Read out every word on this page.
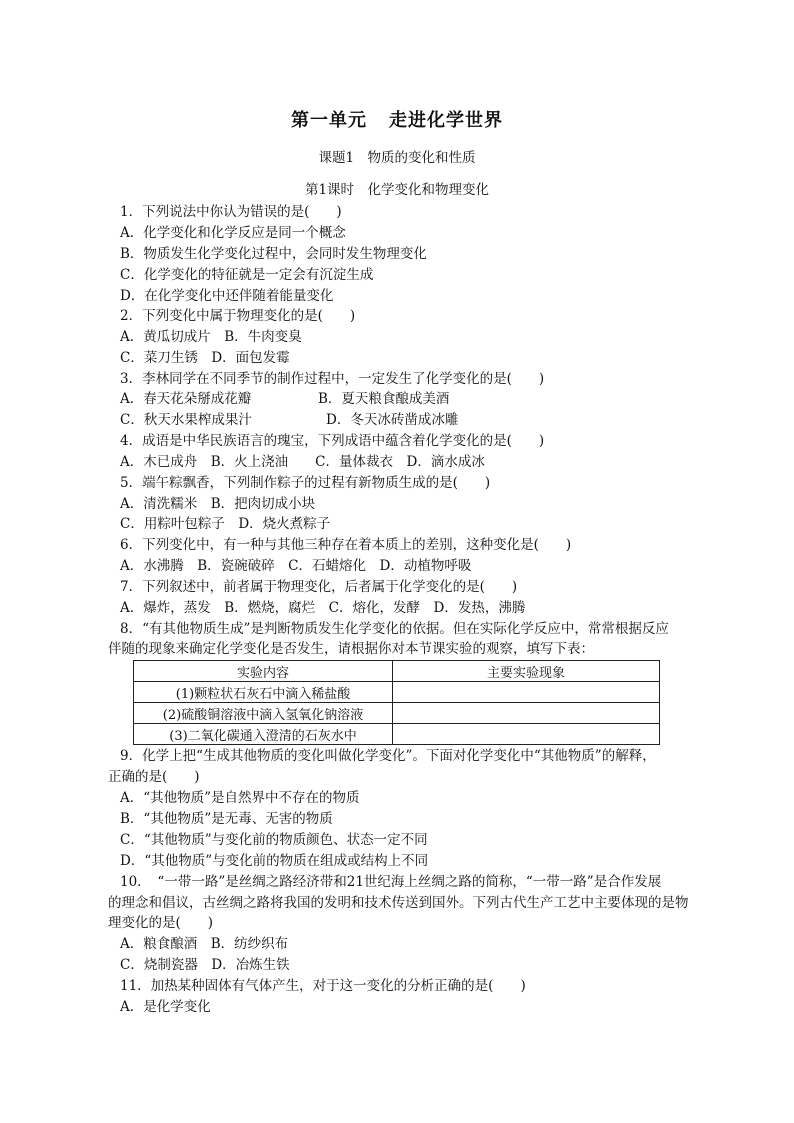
第一单元 走进化学世界
课题1　物质的变化和性质
第1课时　化学变化和物理变化
1．下列说法中你认为错误的是(　　)
A．化学变化和化学反应是同一个概念
B．物质发生化学变化过程中，会同时发生物理变化
C．化学变化的特征就是一定会有沉淀生成
D．在化学变化中还伴随着能量变化
2．下列变化中属于物理变化的是(　　)
A．黄瓜切成片　B．牛肉变臭
C．菜刀生锈　D．面包发霉
3．李林同学在不同季节的制作过程中，一定发生了化学变化的是(　　)
A．春天花朵掰成花瓣	B．夏天粮食酿成美酒
C．秋天水果榨成果汁	D．冬天冰砖凿成冰雕
4．成语是中华民族语言的瑰宝，下列成语中蕴含着化学变化的是(　　)
A．木已成舟　B．火上浇油　　C．量体裁衣　D．滴水成冰
5．端午粽飘香，下列制作粽子的过程有新物质生成的是(　　)
A．清洗糯米　B．把肉切成小块
C．用粽叶包粽子　D．烧火煮粽子
6．下列变化中，有一种与其他三种存在着本质上的差别，这种变化是(　　)
A．水沸腾　B．瓷碗破碎　C．石蜡熔化　D．动植物呼吸
7．下列叙述中，前者属于物理变化，后者属于化学变化的是(　　)
A．爆炸，蒸发　B．燃烧，腐烂　C．熔化，发酵　D．发热，沸腾
8．“有其他物质生成”是判断物质发生化学变化的依据。但在实际化学反应中，常常根据反应
伴随的现象来确定化学变化是否发生，请根据你对本节课实验的观察，填写下表：
实验内容	主要实验现象
(1)颗粒状石灰石中滴入稀盐酸	
(2)硫酸铜溶液中滴入氢氧化钠溶液	
(3)二氧化碳通入澄清的石灰水中	
9．化学上把“生成其他物质的变化叫做化学变化”。下面对化学变化中“其他物质”的解释，
正确的是(　　)
A．“其他物质”是自然界中不存在的物质
B．“其他物质”是无毒、无害的物质
C．“其他物质”与变化前的物质颜色、状态一定不同
D．“其他物质”与变化前的物质在组成或结构上不同
10．　“一带一路”是丝绸之路经济带和21世纪海上丝绸之路的简称，“一带一路”是合作发展
的理念和倡议，古丝绸之路将我国的发明和技术传送到国外。下列古代生产工艺中主要体现的是物
理变化的是(　　)
A．粮食酿酒　B．纺纱织布
C．烧制瓷器　D．冶炼生铁
11．加热某种固体有气体产生，对于这一变化的分析正确的是(　　)
A．是化学变化
